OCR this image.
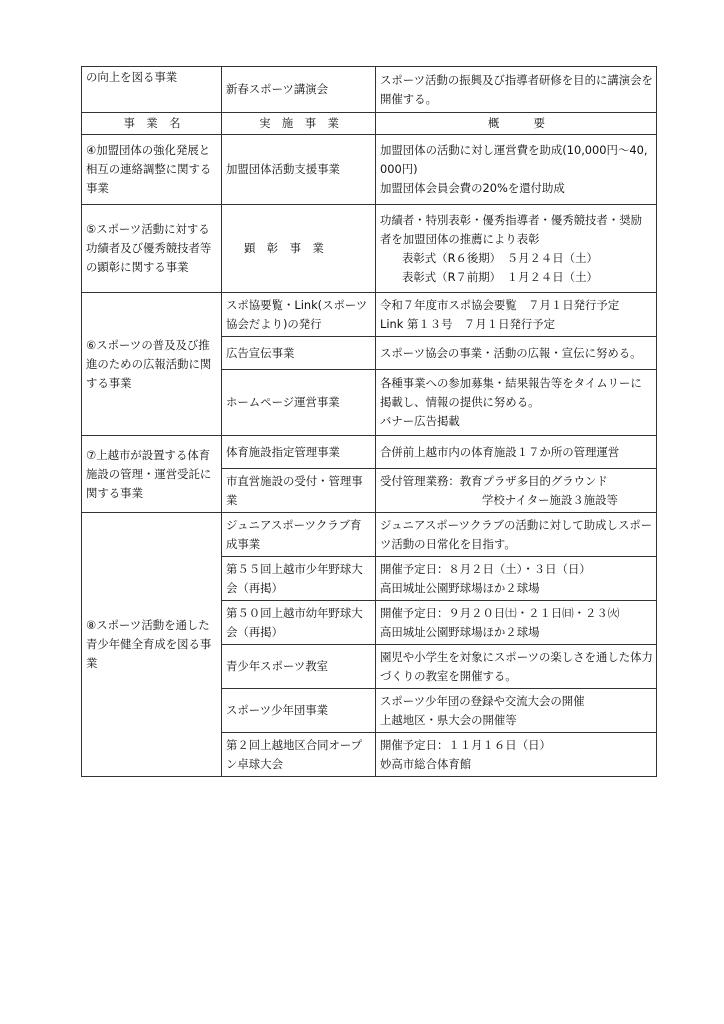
の向上を図る事業	新春スポーツ講演会	スポーツ活動の振興及び指導者研修を目的に講演会を開催する。

事　業　名	実　施　事　業	概　　　要

④加盟団体の強化発展と相互の連絡調整に関する事業	加盟団体活動支援事業	加盟団体の活動に対し運営費を助成(10,000円〜40,000円)
加盟団体会員会費の20%を還付助成

⑤スポーツ活動に対する功績者及び優秀競技者等の顕彰に関する事業	顕　彰　事　業	功績者・特別表彰・優秀指導者・優秀競技者・奨励者を加盟団体の推薦により表彰
表彰式（R６後期）　５月２４日（土）
表彰式（R７前期）　１月２４日（土）

⑥スポーツの普及及び推進のための広報活動に関する事業	スポ協要覧・Link(スポーツ協会だより)の発行	令和７年度市スポ協会要覧　７月１日発行予定
Link 第１３号　７月１日発行予定

	広告宣伝事業	スポーツ協会の事業・活動の広報・宣伝に努める。

	ホームページ運営事業	各種事業への参加募集・結果報告等をタイムリーに掲載し、情報の提供に努める。
バナー広告掲載

⑦上越市が設置する体育施設の管理・運営受託に関する事業	体育施設指定管理事業	合併前上越市内の体育施設１７か所の管理運営

	市直営施設の受付・管理事業	受付管理業務：教育プラザ多目的グラウンド
学校ナイター施設３施設等

⑧スポーツ活動を通した青少年健全育成を図る事業	ジュニアスポーツクラブ育成事業	ジュニアスポーツクラブの活動に対して助成しスポーツ活動の日常化を目指す。

	第５５回上越市少年野球大会（再掲）	開催予定日：８月２日（土）・３日（日）
高田城址公園野球場ほか２球場

	第５０回上越市幼年野球大会（再掲）	開催予定日：９月２０日㈯・２１日㈰・２３㈫
高田城址公園野球場ほか２球場

	青少年スポーツ教室	園児や小学生を対象にスポーツの楽しさを通した体力づくりの教室を開催する。

	スポーツ少年団事業	スポーツ少年団の登録や交流大会の開催
上越地区・県大会の開催等

	第２回上越地区合同オープン卓球大会	開催予定日：１１月１６日（日）
妙高市総合体育館
